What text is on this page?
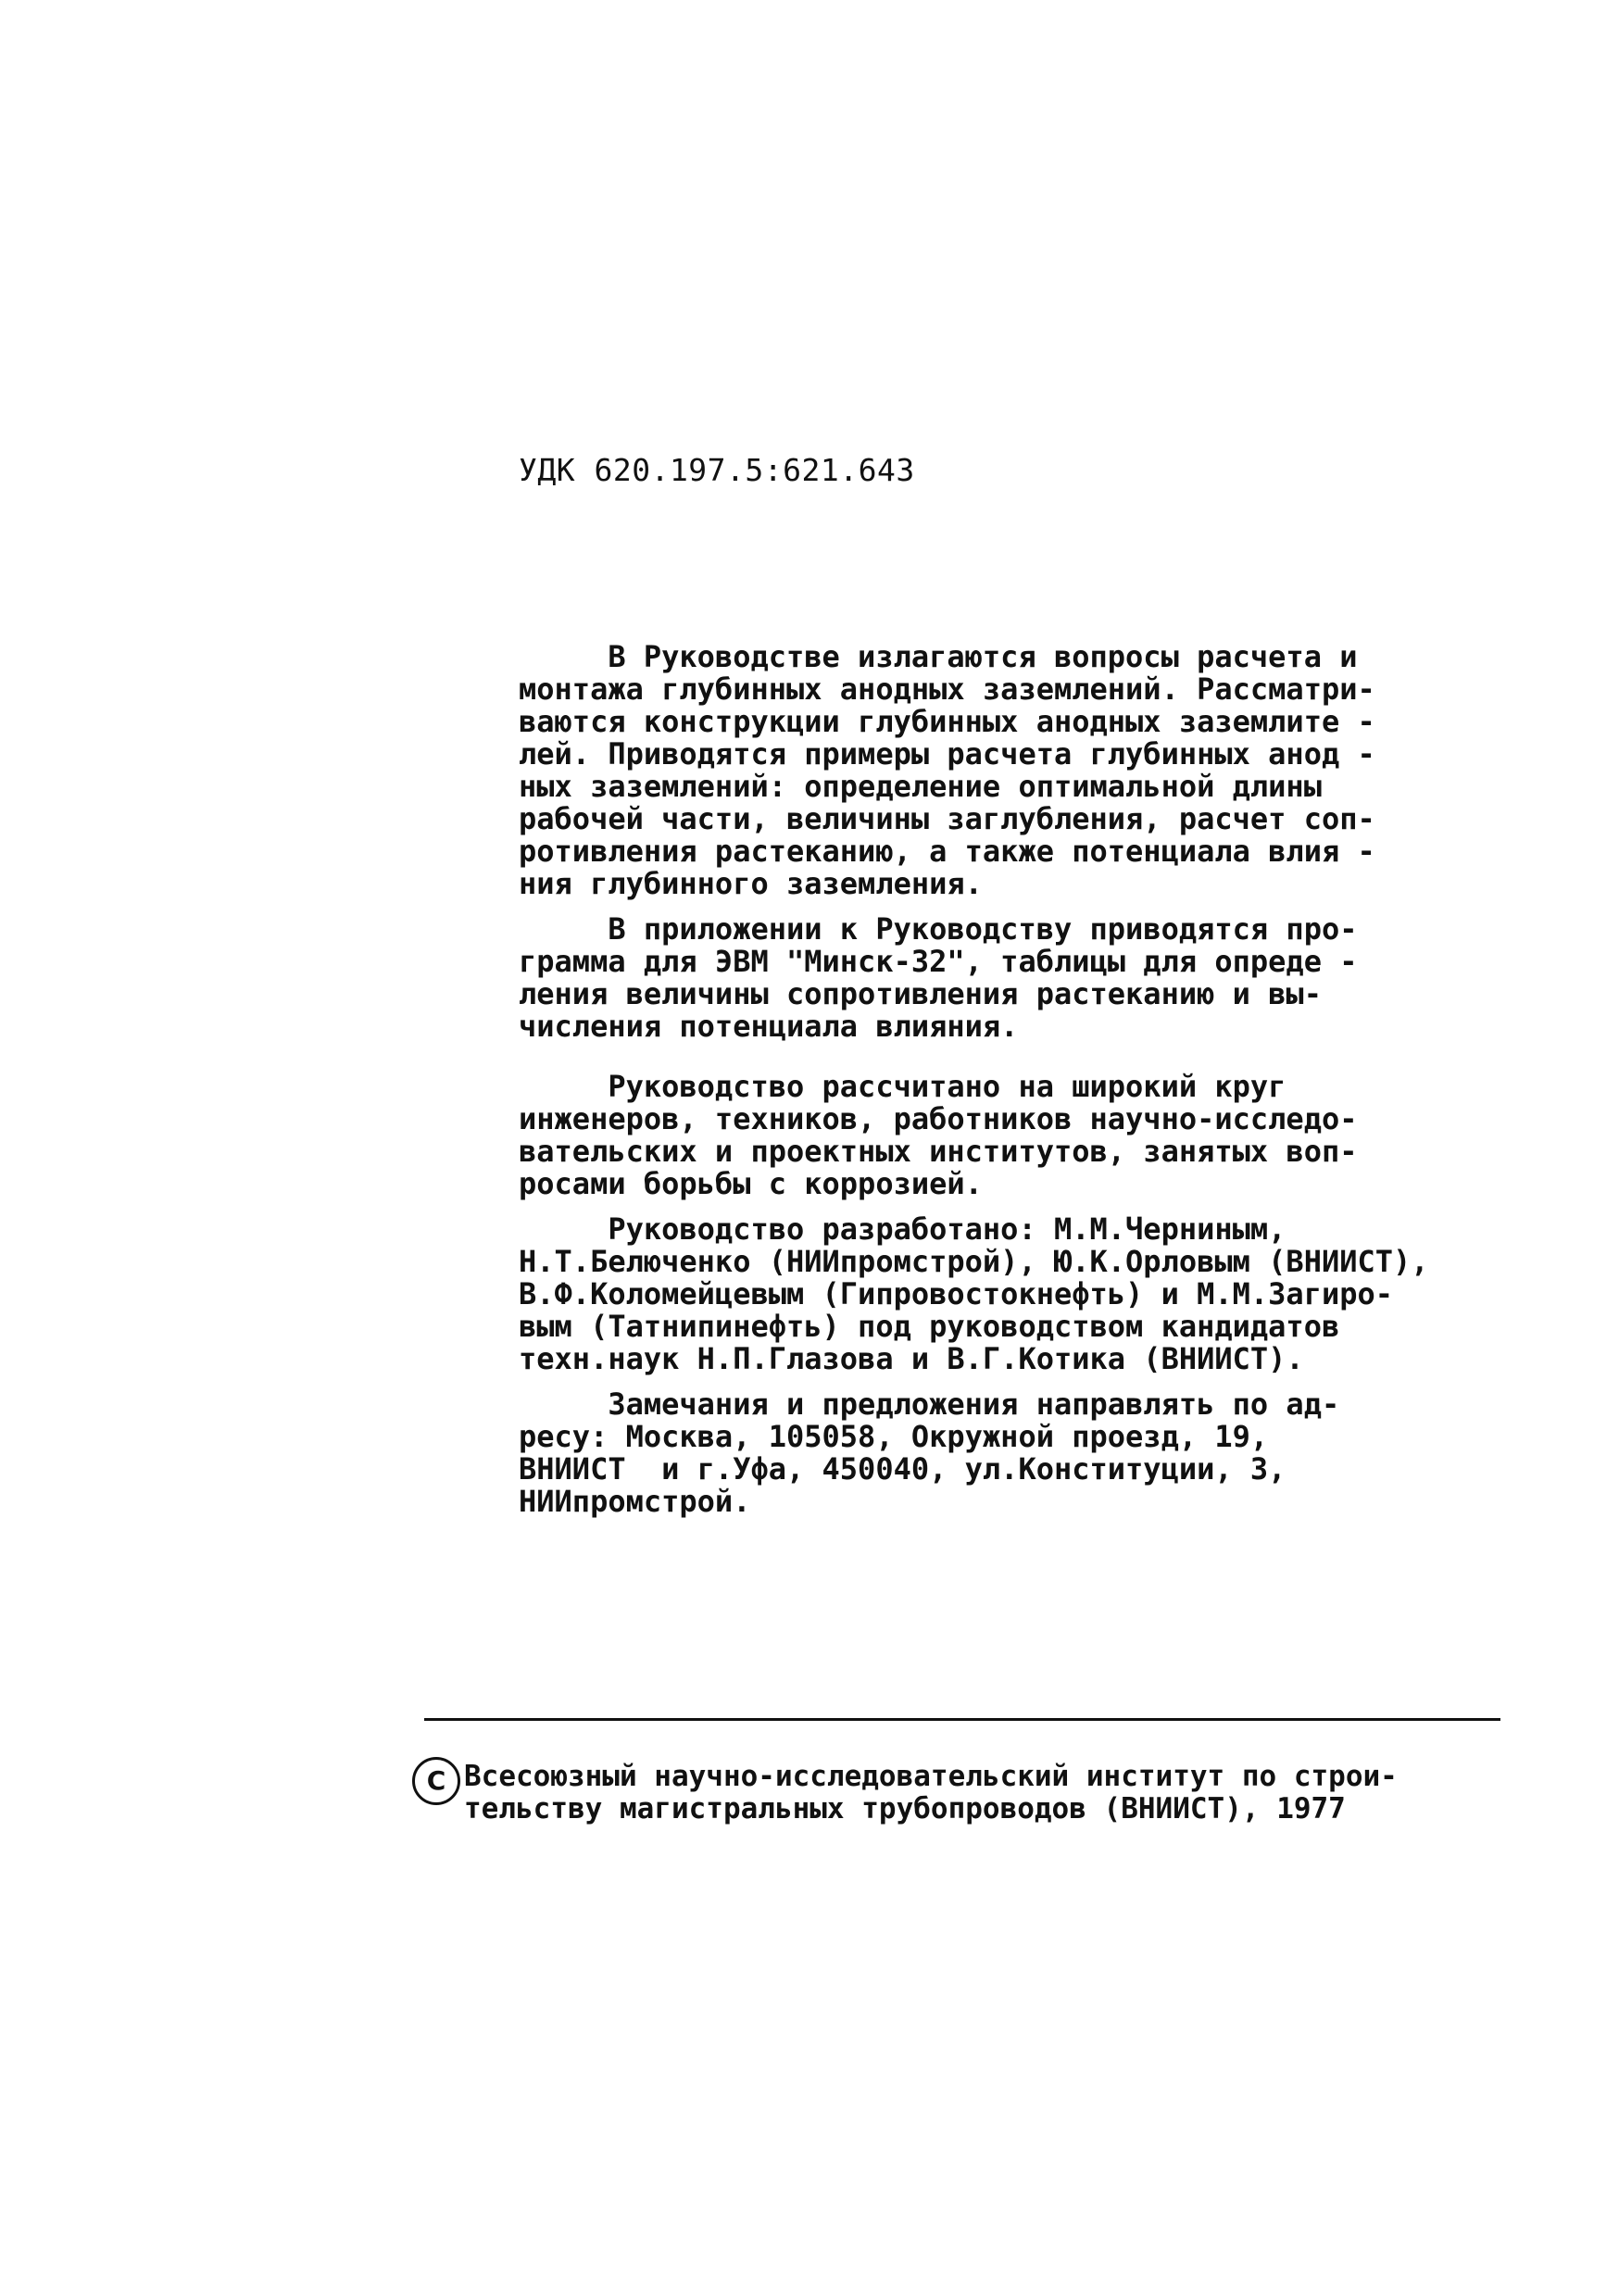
УДК 620.197.5:621.643
В Руководстве излагаются вопросы расчета и
монтажа глубинных анодных заземлений. Рассматри-
ваются конструкции глубинных анодных заземлите -
лей. Приводятся примеры расчета глубинных анод -
ных заземлений: определение оптимальной длины
рабочей части, величины заглубления, расчет соп-
ротивления растеканию, а также потенциала влия -
ния глубинного заземления.
В приложении к Руководству приводятся про-
грамма для ЭВМ "Минск-32", таблицы для опреде -
ления величины сопротивления растеканию и вы-
числения потенциала влияния.
Руководство рассчитано на широкий круг
инженеров, техников, работников научно-исследо-
вательских и проектных институтов, занятых воп-
росами борьбы с коррозией.
Руководство разработано: М.М.Черниным,
Н.Т.Белюченко (НИИпромстрой), Ю.К.Орловым (ВНИИСТ),
В.Ф.Коломейцевым (Гипровостокнефть) и М.М.Загиро-
вым (Татнипинефть) под руководством кандидатов
техн.наук Н.П.Глазова и В.Г.Котика (ВНИИСТ).
Замечания и предложения направлять по ад-
ресу: Москва, 105058, Окружной проезд, 19,
ВНИИСТ  и г.Уфа, 450040, ул.Конституции, 3,
НИИпромстрой.
C Всесоюзный научно-исследовательский институт по строи-
тельству магистральных трубопроводов (ВНИИСТ), 1977
